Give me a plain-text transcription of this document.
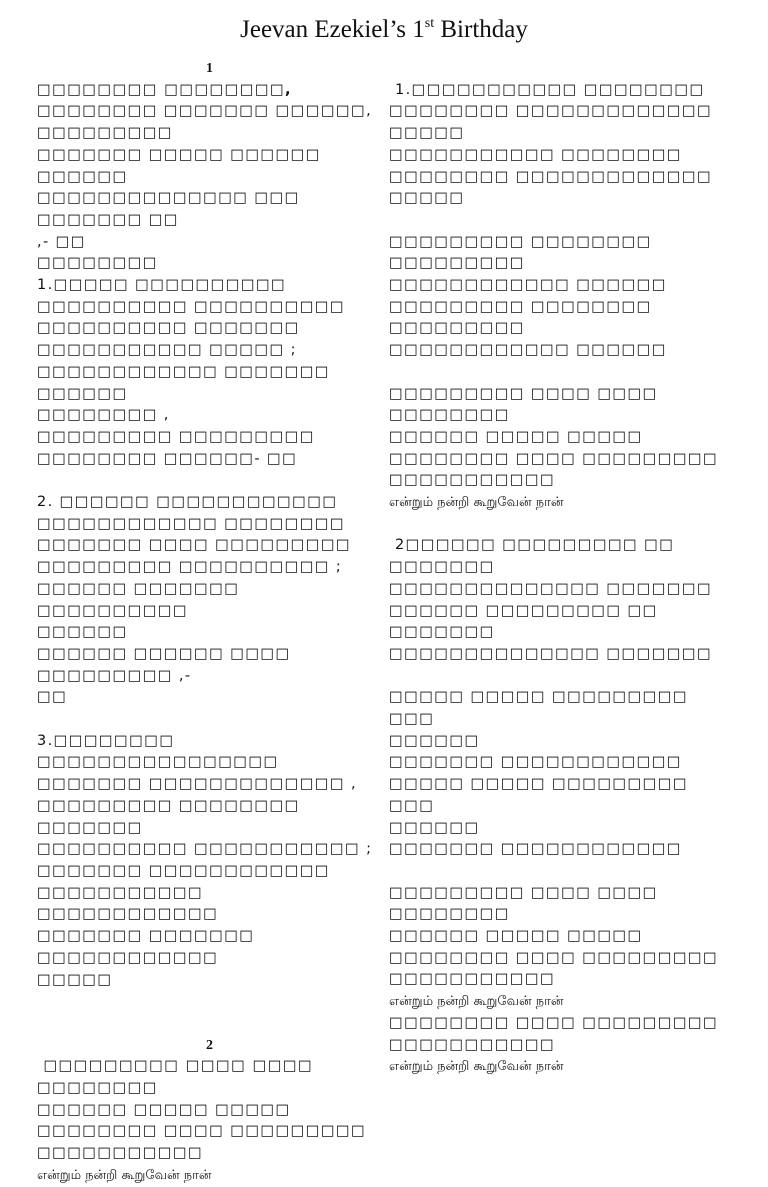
Jeevan Ezekiel’s 1st Birthday
1
□□□□□□□□ □□□□□□□□,
□□□□□□□□ □□□□□□□ □□□□□□,
□□□□□□□□□
□□□□□□□ □□□□□ □□□□□□ □□□□□□
□□□□□□□□□□□□□□ □□□ □□□□□□□ □□
,- □□
□□□□□□□□
1.□□□□□ □□□□□□□□□□
□□□□□□□□□□ □□□□□□□□□□
□□□□□□□□□□ □□□□□□□
□□□□□□□□□□□ □□□□□ ;
□□□□□□□□□□□□ □□□□□□□ □□□□□□
□□□□□□□□ ,
□□□□□□□□□ □□□□□□□□□
□□□□□□□□ □□□□□□- □□
2. □□□□□□ □□□□□□□□□□□□
□□□□□□□□□□□□ □□□□□□□□
□□□□□□□ □□□□ □□□□□□□□□
□□□□□□□□□ □□□□□□□□□□ ;
□□□□□□ □□□□□□□ □□□□□□□□□□
□□□□□□
□□□□□□ □□□□□□ □□□□ □□□□□□□□□ ,-
□□
3.□□□□□□□□ □□□□□□□□□□□□□□□□
□□□□□□□ □□□□□□□□□□□□□ ,
□□□□□□□□□ □□□□□□□□ □□□□□□□
□□□□□□□□□□ □□□□□□□□□□□ ;
□□□□□□□ □□□□□□□□□□□□
□□□□□□□□□□□ □□□□□□□□□□□□
□□□□□□□ □□□□□□□ □□□□□□□□□□□□
□□□□□
2
□□□□□□□□□ □□□□ □□□□
□□□□□□□□
□□□□□□ □□□□□ □□□□□
□□□□□□□□ □□□□ □□□□□□□□□
□□□□□□□□□□□
என்றும் நன்றி கூறுவேன் நான்
1.□□□□□□□□□□□ □□□□□□□□
□□□□□□□□ □□□□□□□□□□□□□
□□□□□
□□□□□□□□□□□ □□□□□□□□
□□□□□□□□ □□□□□□□□□□□□□
□□□□□
□□□□□□□□□ □□□□□□□□
□□□□□□□□□
□□□□□□□□□□□□ □□□□□□
□□□□□□□□□ □□□□□□□□
□□□□□□□□□
□□□□□□□□□□□□ □□□□□□
□□□□□□□□□ □□□□ □□□□ □□□□□□□□
□□□□□□ □□□□□ □□□□□
□□□□□□□□ □□□□ □□□□□□□□□
□□□□□□□□□□□
என்றும் நன்றி கூறுவேன் நான்
2□□□□□□ □□□□□□□□□ □□
□□□□□□□
□□□□□□□□□□□□□□ □□□□□□□
□□□□□□ □□□□□□□□□ □□ □□□□□□□
□□□□□□□□□□□□□□ □□□□□□□
□□□□□ □□□□□ □□□□□□□□□ □□□
□□□□□□
□□□□□□□ □□□□□□□□□□□□
□□□□□ □□□□□ □□□□□□□□□ □□□
□□□□□□
□□□□□□□ □□□□□□□□□□□□
□□□□□□□□□ □□□□ □□□□ □□□□□□□□
□□□□□□ □□□□□ □□□□□
□□□□□□□□ □□□□ □□□□□□□□□
□□□□□□□□□□□
என்றும் நன்றி கூறுவேன் நான்
□□□□□□□□ □□□□ □□□□□□□□□
□□□□□□□□□□□
என்றும் நன்றி கூறுவேன் நான்
